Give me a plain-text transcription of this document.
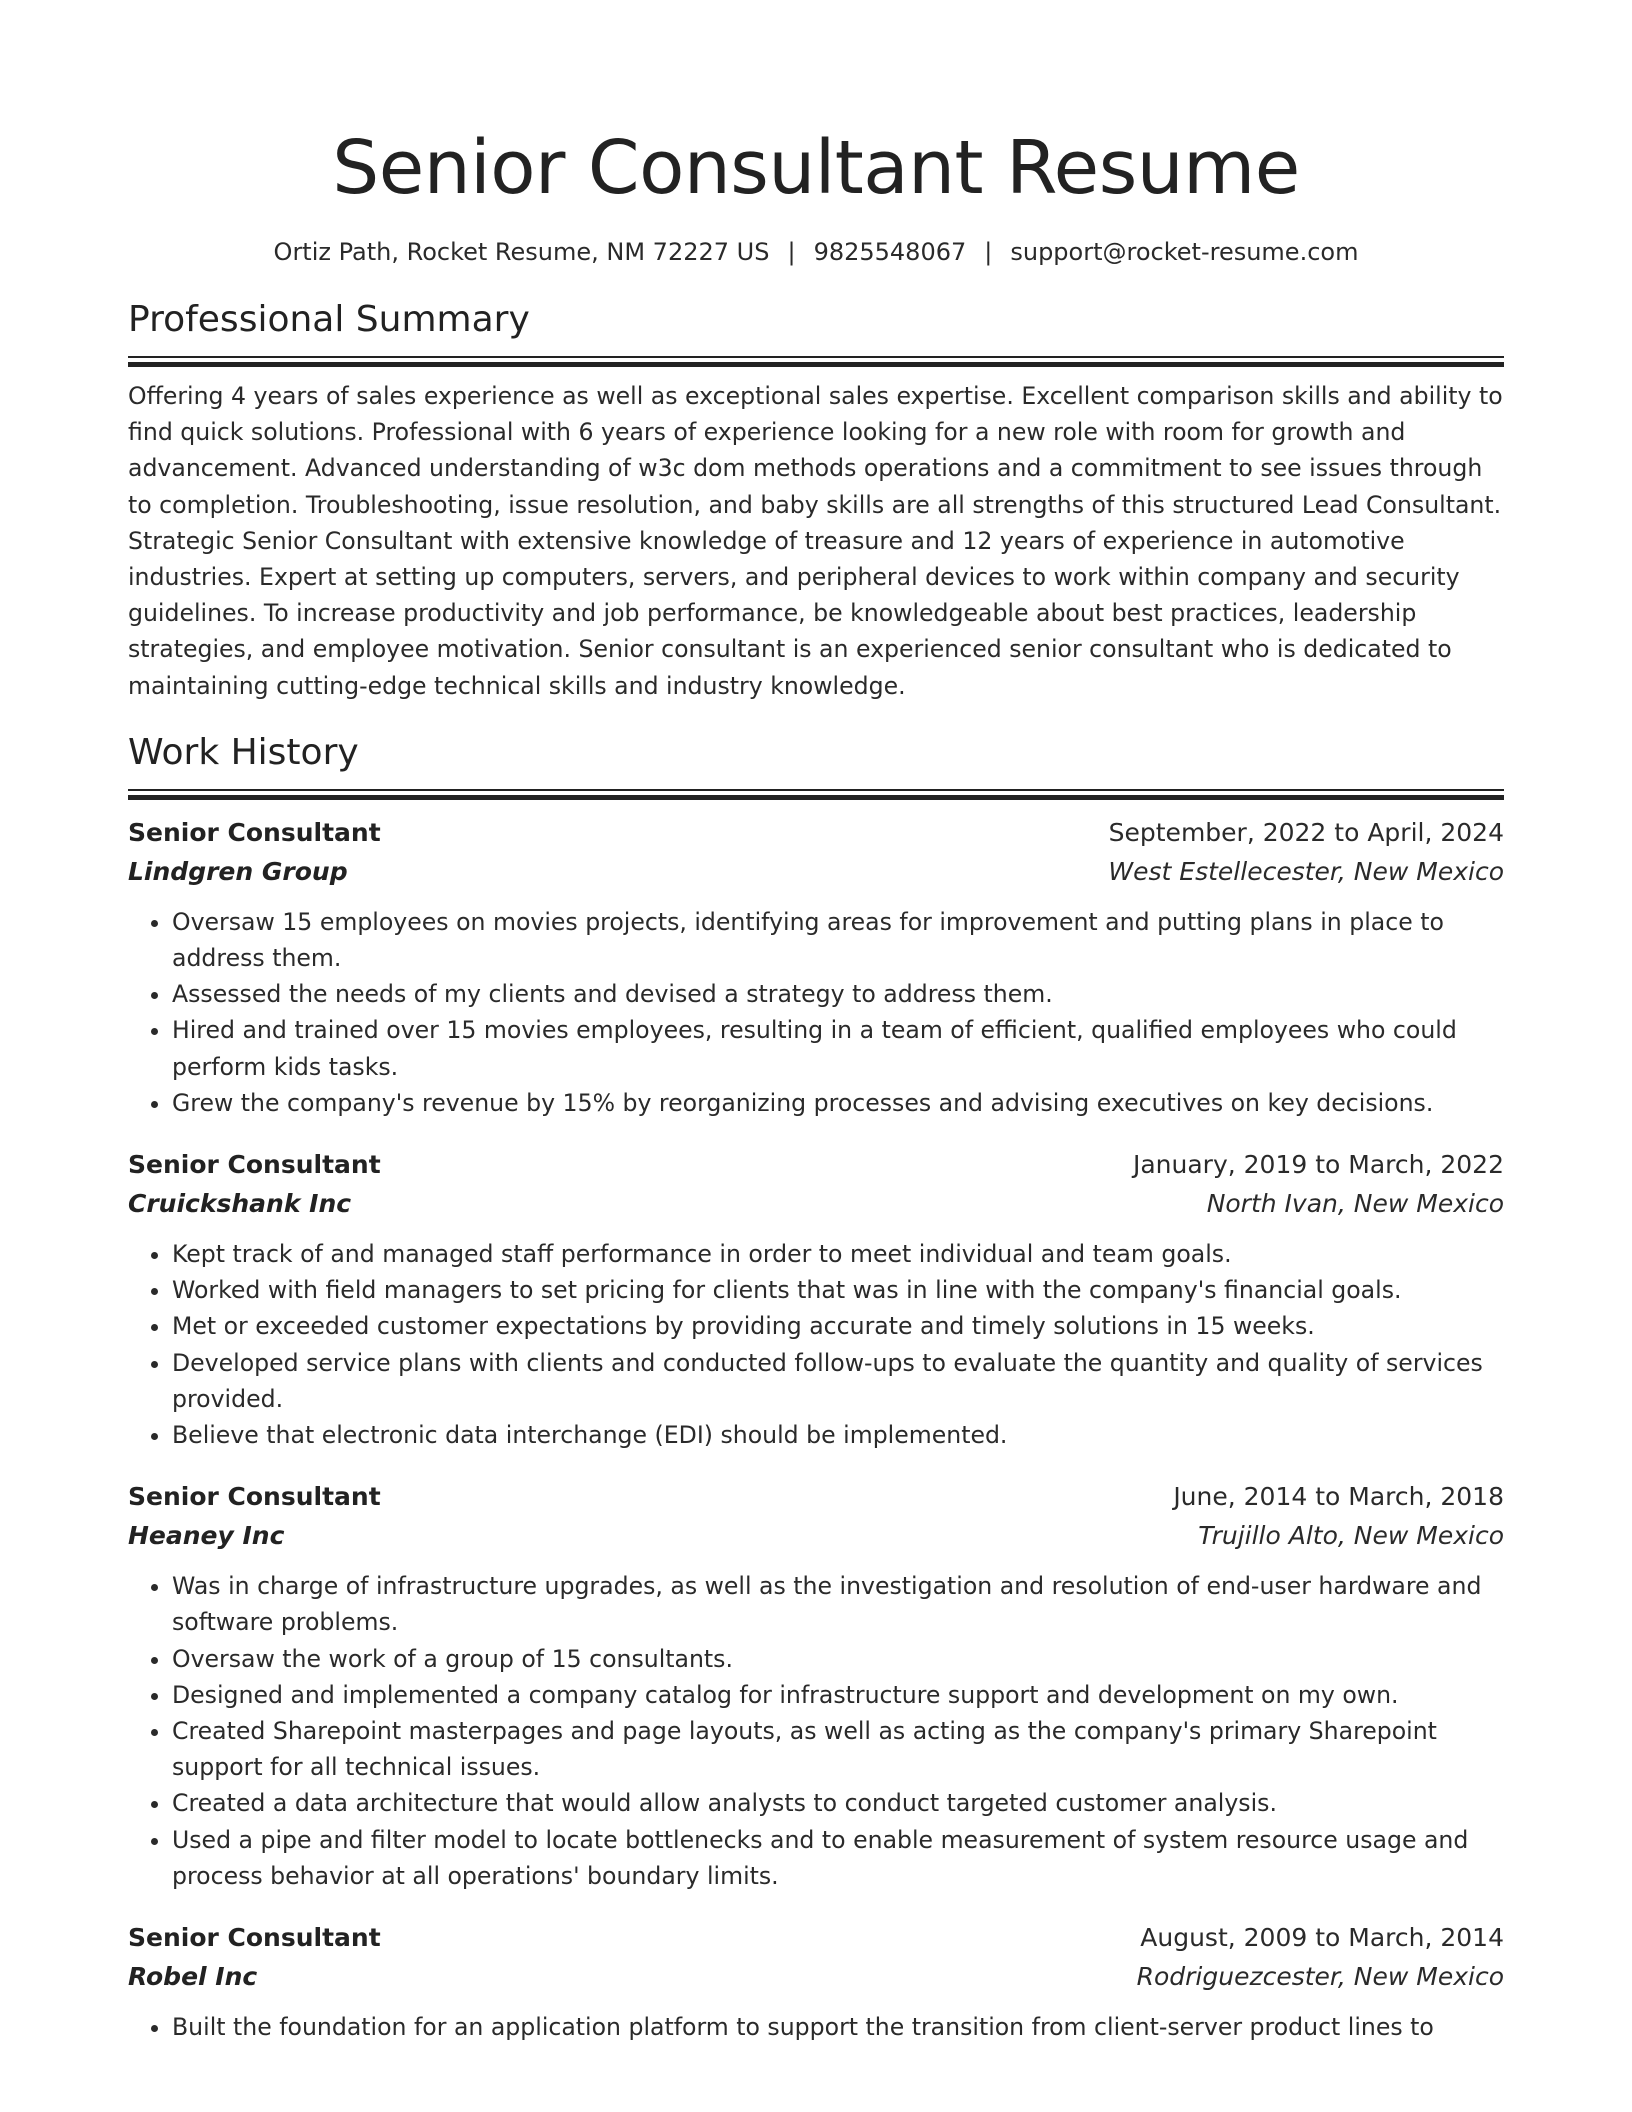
Senior Consultant Resume
Ortiz Path, Rocket Resume, NM 72227 US | 9825548067 | support@rocket-resume.com
Professional Summary

Offering 4 years of sales experience as well as exceptional sales expertise. Excellent comparison skills and ability to find quick solutions. Professional with 6 years of experience looking for a new role with room for growth and advancement. Advanced understanding of w3c dom methods operations and a commitment to see issues through to completion. Troubleshooting, issue resolution, and baby skills are all strengths of this structured Lead Consultant. Strategic Senior Consultant with extensive knowledge of treasure and 12 years of experience in automotive industries. Expert at setting up computers, servers, and peripheral devices to work within company and security guidelines. To increase productivity and job performance, be knowledgeable about best practices, leadership strategies, and employee motivation. Senior consultant is an experienced senior consultant who is dedicated to maintaining cutting-edge technical skills and industry knowledge.

Work History
Senior Consultant	September, 2022 to April, 2024
Lindgren Group	West Estellecester, New Mexico
• Oversaw 15 employees on movies projects, identifying areas for improvement and putting plans in place to address them.
• Assessed the needs of my clients and devised a strategy to address them.
• Hired and trained over 15 movies employees, resulting in a team of efficient, qualified employees who could perform kids tasks.
• Grew the company's revenue by 15% by reorganizing processes and advising executives on key decisions.
Senior Consultant	January, 2019 to March, 2022
Cruickshank Inc	North Ivan, New Mexico
• Kept track of and managed staff performance in order to meet individual and team goals.
• Worked with field managers to set pricing for clients that was in line with the company's financial goals.
• Met or exceeded customer expectations by providing accurate and timely solutions in 15 weeks.
• Developed service plans with clients and conducted follow-ups to evaluate the quantity and quality of services provided.
• Believe that electronic data interchange (EDI) should be implemented.
Senior Consultant	June, 2014 to March, 2018
Heaney Inc	Trujillo Alto, New Mexico
• Was in charge of infrastructure upgrades, as well as the investigation and resolution of end-user hardware and software problems.
• Oversaw the work of a group of 15 consultants.
• Designed and implemented a company catalog for infrastructure support and development on my own.
• Created Sharepoint masterpages and page layouts, as well as acting as the company's primary Sharepoint support for all technical issues.
• Created a data architecture that would allow analysts to conduct targeted customer analysis.
• Used a pipe and filter model to locate bottlenecks and to enable measurement of system resource usage and process behavior at all operations' boundary limits.
Senior Consultant	August, 2009 to March, 2014
Robel Inc	Rodriguezcester, New Mexico
• Built the foundation for an application platform to support the transition from client-server product lines to
